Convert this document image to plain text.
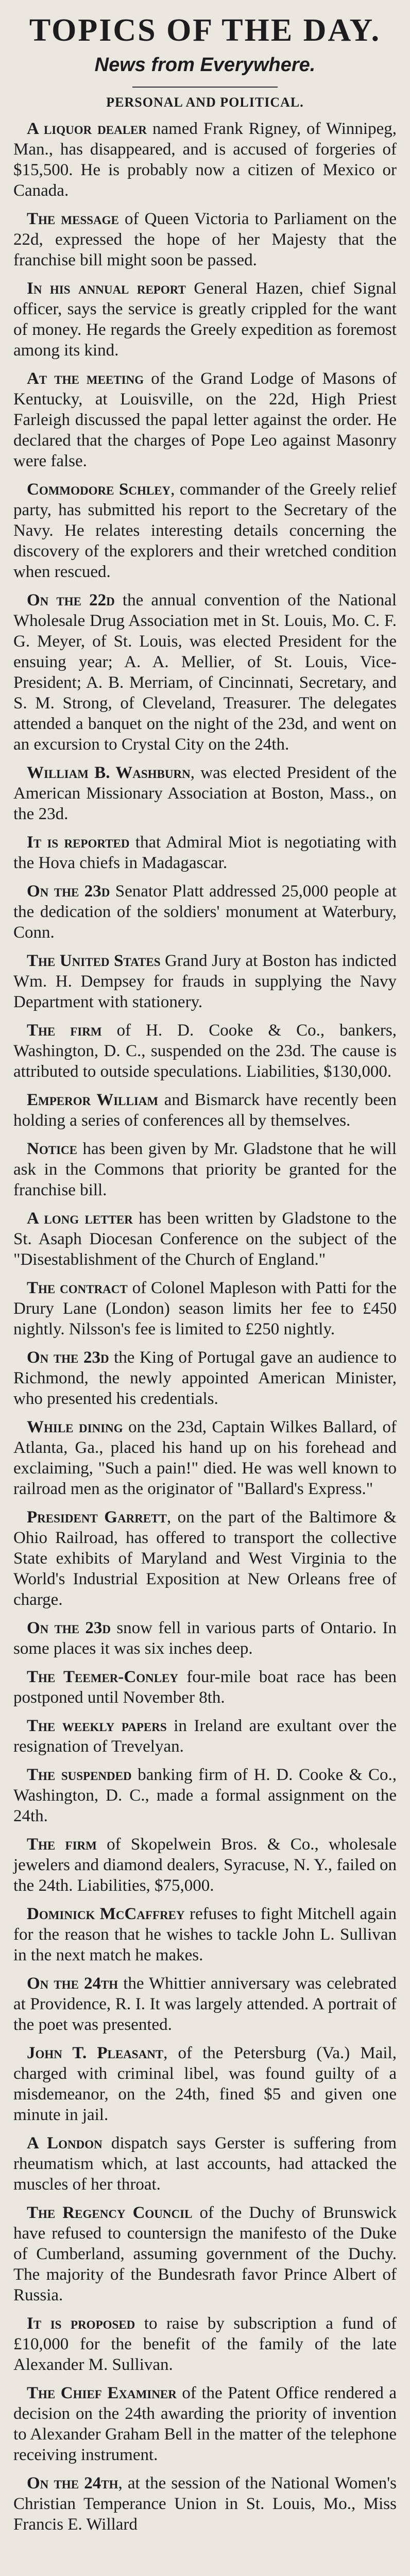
TOPICS OF THE DAY.
News from Everywhere.
PERSONAL AND POLITICAL.

A liquor dealer named Frank Rigney, of Winnipeg, Man., has disappeared, and is accused of forgeries of $15,500. He is probably now a citizen of Mexico or Canada.

The message of Queen Victoria to Parliament on the 22d, expressed the hope of her Majesty that the franchise bill might soon be passed.

In his annual report General Hazen, chief Signal officer, says the service is greatly crippled for the want of money. He regards the Greely expedition as foremost among its kind.

At the meeting of the Grand Lodge of Masons of Kentucky, at Louisville, on the 22d, High Priest Farleigh discussed the papal letter against the order. He declared that the charges of Pope Leo against Masonry were false.

Commodore Schley, commander of the Greely relief party, has submitted his report to the Secretary of the Navy. He relates interesting details concerning the discovery of the explorers and their wretched condition when rescued.

On the 22d the annual convention of the National Wholesale Drug Association met in St. Louis, Mo. C. F. G. Meyer, of St. Louis, was elected President for the ensuing year; A. A. Mellier, of St. Louis, Vice-President; A. B. Merriam, of Cincinnati, Secretary, and S. M. Strong, of Cleveland, Treasurer. The delegates attended a banquet on the night of the 23d, and went on an excursion to Crystal City on the 24th.

William B. Washburn, was elected President of the American Missionary Association at Boston, Mass., on the 23d.

It is reported that Admiral Miot is negotiating with the Hova chiefs in Madagascar.

On the 23d Senator Platt addressed 25,000 people at the dedication of the soldiers' monument at Waterbury, Conn.

The United States Grand Jury at Boston has indicted Wm. H. Dempsey for frauds in supplying the Navy Department with stationery.

The firm of H. D. Cooke & Co., bankers, Washington, D. C., suspended on the 23d. The cause is attributed to outside speculations. Liabilities, $130,000.

Emperor William and Bismarck have recently been holding a series of conferences all by themselves.

Notice has been given by Mr. Gladstone that he will ask in the Commons that priority be granted for the franchise bill.

A long letter has been written by Gladstone to the St. Asaph Diocesan Conference on the subject of the "Disestablishment of the Church of England."

The contract of Colonel Mapleson with Patti for the Drury Lane (London) season limits her fee to £450 nightly. Nilsson's fee is limited to £250 nightly.

On the 23d the King of Portugal gave an audience to Richmond, the newly appointed American Minister, who presented his credentials.

While dining on the 23d, Captain Wilkes Ballard, of Atlanta, Ga., placed his hand up on his forehead and exclaiming, "Such a pain!" died. He was well known to railroad men as the originator of "Ballard's Express."

President Garrett, on the part of the Baltimore & Ohio Railroad, has offered to transport the collective State exhibits of Maryland and West Virginia to the World's Industrial Exposition at New Orleans free of charge.

On the 23d snow fell in various parts of Ontario. In some places it was six inches deep.

The Teemer-Conley four-mile boat race has been postponed until November 8th.

The weekly papers in Ireland are exultant over the resignation of Trevelyan.

The suspended banking firm of H. D. Cooke & Co., Washington, D. C., made a formal assignment on the 24th.

The firm of Skopelwein Bros. & Co., wholesale jewelers and diamond dealers, Syracuse, N. Y., failed on the 24th. Liabilities, $75,000.

Dominick McCaffrey refuses to fight Mitchell again for the reason that he wishes to tackle John L. Sullivan in the next match he makes.

On the 24th the Whittier anniversary was celebrated at Providence, R. I. It was largely attended. A portrait of the poet was presented.

John T. Pleasant, of the Petersburg (Va.) Mail, charged with criminal libel, was found guilty of a misdemeanor, on the 24th, fined $5 and given one minute in jail.

A London dispatch says Gerster is suffering from rheumatism which, at last accounts, had attacked the muscles of her throat.

The Regency Council of the Duchy of Brunswick have refused to countersign the manifesto of the Duke of Cumberland, assuming government of the Duchy. The majority of the Bundesrath favor Prince Albert of Russia.

It is proposed to raise by subscription a fund of £10,000 for the benefit of the family of the late Alexander M. Sullivan.

The Chief Examiner of the Patent Office rendered a decision on the 24th awarding the priority of invention to Alexander Graham Bell in the matter of the telephone receiving instrument.

On the 24th, at the session of the National Women's Christian Temperance Union in St. Louis, Mo., Miss Francis E. Willard
